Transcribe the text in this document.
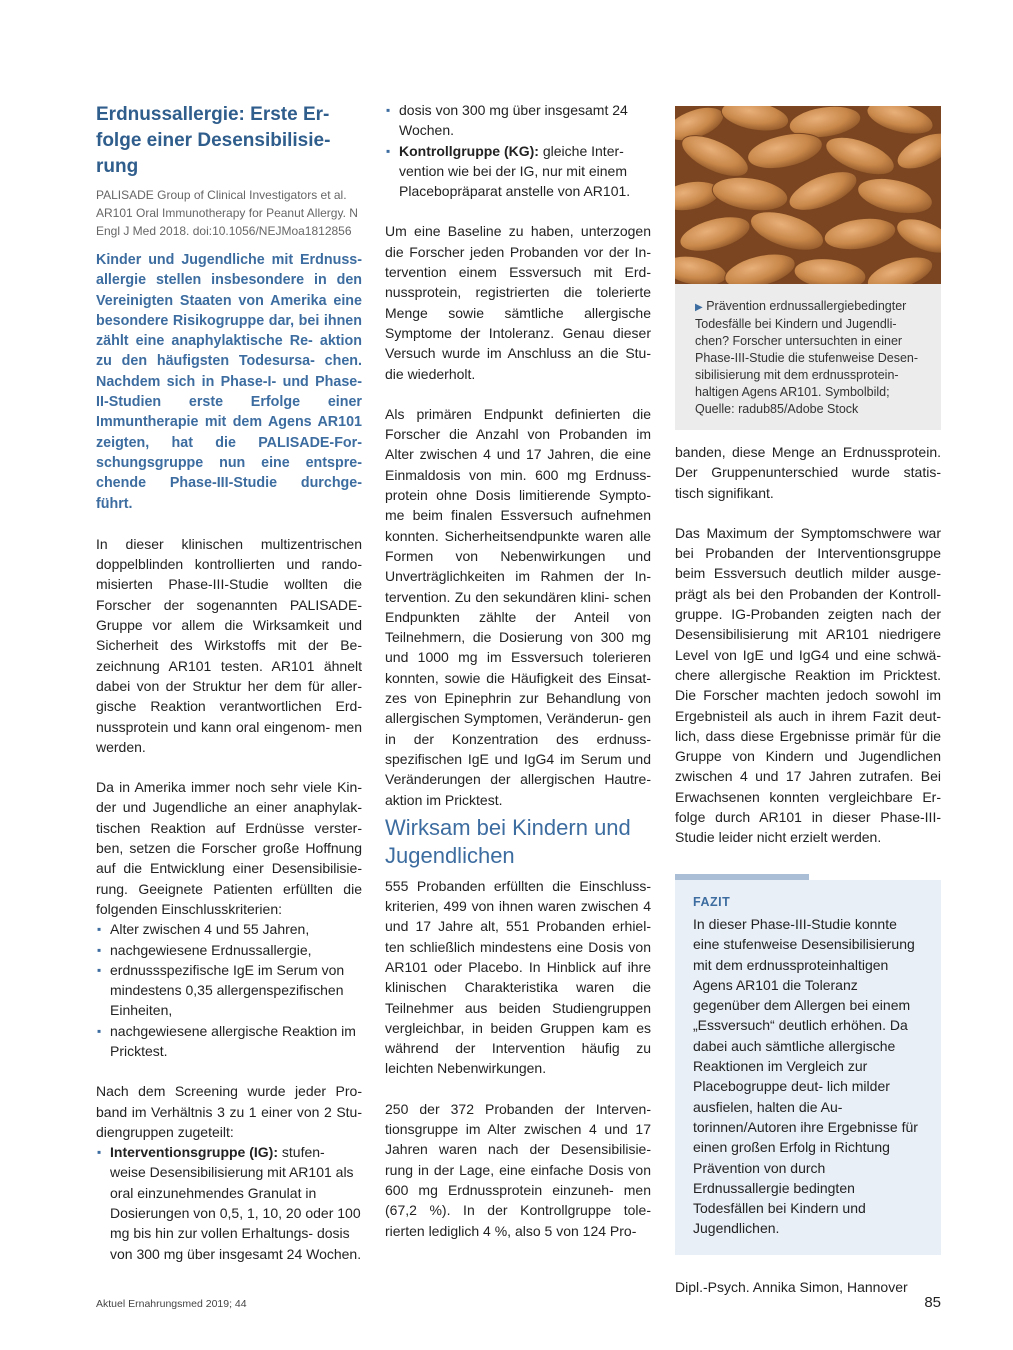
Erdnussallergie: Erste Er- folge einer Desensibilisie- rung
PALISADE Group of Clinical Investigators et al. AR101 Oral Immunotherapy for Peanut Allergy. N Engl J Med 2018. doi:10.1056/NEJMoa1812856

Kinder und Jugendliche mit Erdnuss- allergie stellen insbesondere in den Vereinigten Staaten von Amerika eine besondere Risikogruppe dar, bei ihnen zählt eine anaphylaktische Re- aktion zu den häufigsten Todesursa- chen. Nachdem sich in Phase-I- und Phase-II-Studien erste Erfolge einer Immuntherapie mit dem Agens AR101 zeigten, hat die PALISADE-For- schungsgruppe nun eine entspre- chende Phase-III-Studie durchge- führt.

In dieser klinischen multizentrischen doppelblinden kontrollierten und rando- misierten Phase-III-Studie wollten die Forscher der sogenannten PALISADE- Gruppe vor allem die Wirksamkeit und Sicherheit des Wirkstoffs mit der Be- zeichnung AR101 testen. AR101 ähnelt dabei von der Struktur her dem für aller- gische Reaktion verantwortlichen Erd- nussprotein und kann oral eingenom- men werden.

Da in Amerika immer noch sehr viele Kin- der und Jugendliche an einer anaphylak- tischen Reaktion auf Erdnüsse verster- ben, setzen die Forscher große Hoffnung auf die Entwicklung einer Desensibilisie- rung. Geeignete Patienten erfüllten die folgenden Einschlusskriterien:

▪ Alter zwischen 4 und 55 Jahren,
▪ nachgewiesene Erdnussallergie,
▪ erdnussspezifische IgE im Serum von mindestens 0,35 allergenspezifischen Einheiten,
▪ nachgewiesene allergische Reaktion im Pricktest.

Nach dem Screening wurde jeder Pro- band im Verhältnis 3 zu 1 einer von 2 Stu- diengruppen zugeteilt:

▪ Interventionsgruppe (IG): stufen- weise Desensibilisierung mit AR101 als oral einzunehmendes Granulat in Dosierungen von 0,5, 1, 10, 20 oder 100 mg bis hin zur vollen Erhaltungs- dosis von 300 mg über insgesamt 24 Wochen.
▪ dosis von 300 mg über insgesamt 24 Wochen.
▪ Kontrollgruppe (KG): gleiche Inter- vention wie bei der IG, nur mit einem Placebopräparat anstelle von AR101.

Um eine Baseline zu haben, unterzogen die Forscher jeden Probanden vor der In- tervention einem Essversuch mit Erd- nussprotein, registrierten die tolerierte Menge sowie sämtliche allergische Symptome der Intoleranz. Genau dieser Versuch wurde im Anschluss an die Stu- die wiederholt.

Als primären Endpunkt definierten die Forscher die Anzahl von Probanden im Alter zwischen 4 und 17 Jahren, die eine Einmaldosis von min. 600 mg Erdnuss- protein ohne Dosis limitierende Sympto- me beim finalen Essversuch aufnehmen konnten. Sicherheitsendpunkte waren alle Formen von Nebenwirkungen und Unverträglichkeiten im Rahmen der In- tervention. Zu den sekundären klini- schen Endpunkten zählte der Anteil von Teilnehmern, die Dosierung von 300 mg und 1000 mg im Essversuch tolerieren konnten, sowie die Häufigkeit des Einsat- zes von Epinephrin zur Behandlung von allergischen Symptomen, Veränderun- gen in der Konzentration des erdnuss- spezifischen IgE und IgG4 im Serum und Veränderungen der allergischen Hautre- aktion im Pricktest.

Wirksam bei Kindern und Jugendlichen

555 Probanden erfüllten die Einschluss- kriterien, 499 von ihnen waren zwischen 4 und 17 Jahre alt, 551 Probanden erhiel- ten schließlich mindestens eine Dosis von AR101 oder Placebo. In Hinblick auf ihre klinischen Charakteristika waren die Teilnehmer aus beiden Studiengruppen vergleichbar, in beiden Gruppen kam es während der Intervention häufig zu leichten Nebenwirkungen.

250 der 372 Probanden der Interven- tionsgruppe im Alter zwischen 4 und 17 Jahren waren nach der Desensibilisie- rung in der Lage, eine einfache Dosis von 600 mg Erdnussprotein einzuneh- men (67,2 %). In der Kontrollgruppe tole- rierten lediglich 4 %, also 5 von 124 Pro-

▶ Prävention erdnussallergiebedingter Todesfälle bei Kindern und Jugendli- chen? Forscher untersuchten in einer Phase-III-Studie die stufenweise Desen- sibilisierung mit dem erdnussprotein- haltigen Agens AR101. Symbolbild; Quelle: radub85/Adobe Stock

banden, diese Menge an Erdnussprotein. Der Gruppenunterschied wurde statis- tisch signifikant.

Das Maximum der Symptomschwere war bei Probanden der Interventionsgruppe beim Essversuch deutlich milder ausge- prägt als bei den Probanden der Kontroll- gruppe. IG-Probanden zeigten nach der Desensibilisierung mit AR101 niedrigere Level von IgE und IgG4 und eine schwä- chere allergische Reaktion im Pricktest. Die Forscher machten jedoch sowohl im Ergebnisteil als auch in ihrem Fazit deut- lich, dass diese Ergebnisse primär für die Gruppe von Kindern und Jugendlichen zwischen 4 und 17 Jahren zutrafen. Bei Erwachsenen konnten vergleichbare Er- folge durch AR101 in dieser Phase-III- Studie leider nicht erzielt werden.

FAZIT

In dieser Phase-III-Studie konnte eine stufenweise Desensibilisierung mit dem erdnussproteinhaltigen Agens AR101 die Toleranz gegenüber dem Allergen bei einem „Essversuch“ deutlich erhöhen. Da dabei auch sämtliche allergische Reaktionen im Vergleich zur Placebogruppe deut- lich milder ausfielen, halten die Au- torinnen/Autoren ihre Ergebnisse für einen großen Erfolg in Richtung Prävention von durch Erdnussallergie bedingten Todesfällen bei Kindern und Jugendlichen.

Dipl.-Psych. Annika Simon, Hannover
Aktuel Ernahrungsmed 2019; 44	85
